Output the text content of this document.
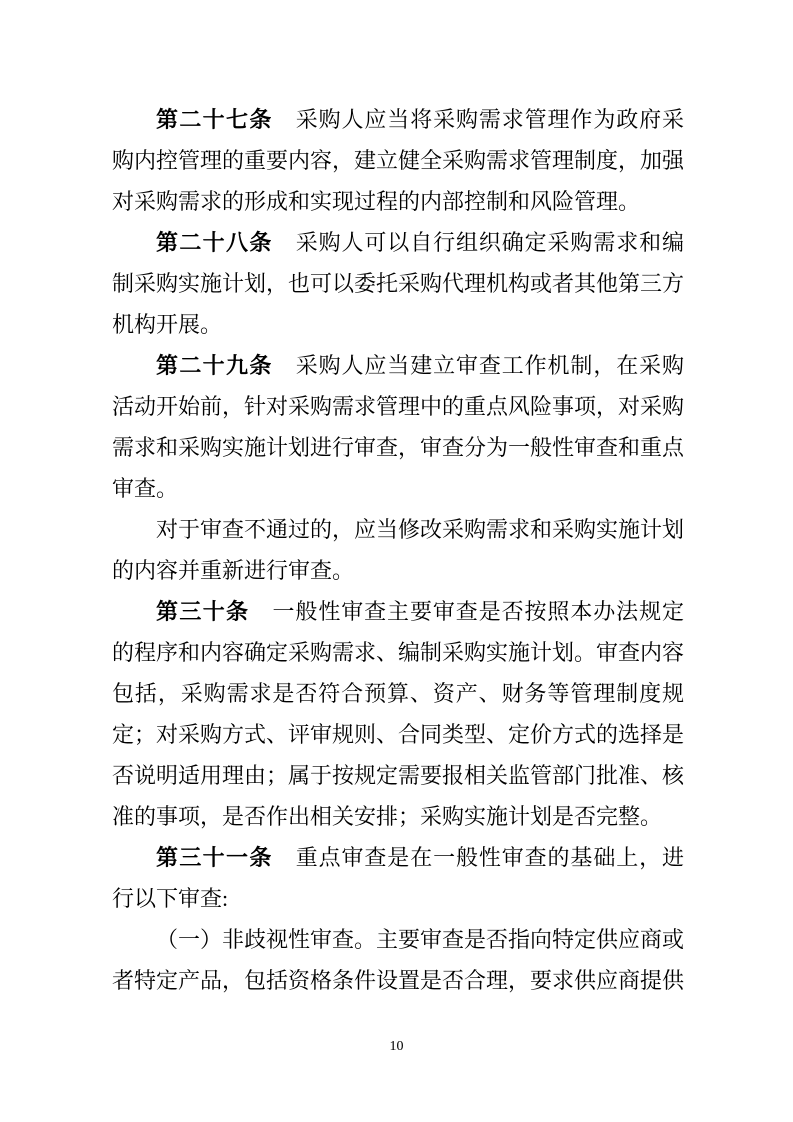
第二十七条 采购人应当将采购需求管理作为政府采购内控管理的重要内容，建立健全采购需求管理制度，加强对采购需求的形成和实现过程的内部控制和风险管理。

第二十八条 采购人可以自行组织确定采购需求和编制采购实施计划，也可以委托采购代理机构或者其他第三方机构开展。

第二十九条 采购人应当建立审查工作机制，在采购活动开始前，针对采购需求管理中的重点风险事项，对采购需求和采购实施计划进行审查，审查分为一般性审查和重点审查。

对于审查不通过的，应当修改采购需求和采购实施计划的内容并重新进行审查。

第三十条 一般性审查主要审查是否按照本办法规定的程序和内容确定采购需求、编制采购实施计划。审查内容包括，采购需求是否符合预算、资产、财务等管理制度规定；对采购方式、评审规则、合同类型、定价方式的选择是否说明适用理由；属于按规定需要报相关监管部门批准、核准的事项，是否作出相关安排；采购实施计划是否完整。

第三十一条 重点审查是在一般性审查的基础上，进行以下审查:

（一）非歧视性审查。主要审查是否指向特定供应商或者特定产品，包括资格条件设置是否合理，要求供应商提供

10
